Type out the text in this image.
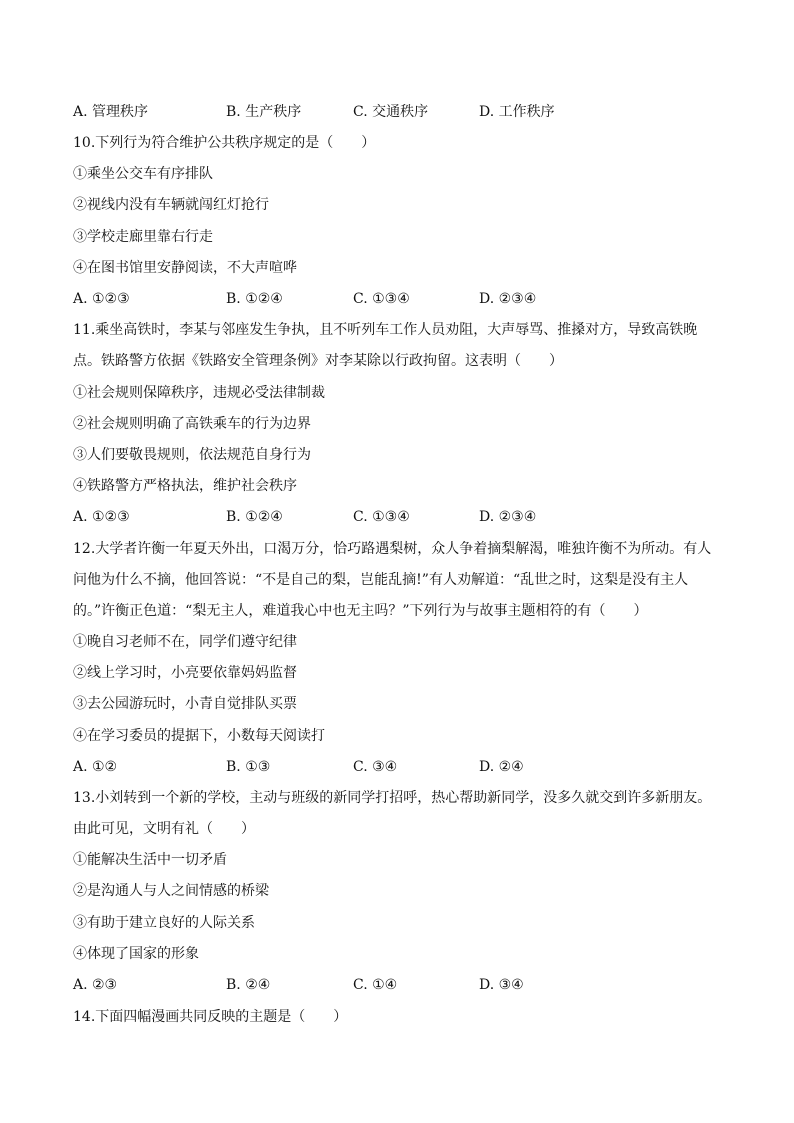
A. 管理秩序	B. 生产秩序	C. 交通秩序	D. 工作秩序
10.下列行为符合维护公共秩序规定的是（　　）
①乘坐公交车有序排队
②视线内没有车辆就闯红灯抢行
③学校走廊里靠右行走
④在图书馆里安静阅读，不大声喧哗
A. ①②③	B. ①②④	C. ①③④	D. ②③④
11.乘坐高铁时，李某与邻座发生争执，且不听列车工作人员劝阻，大声辱骂、推搡对方，导致高铁晚
点。铁路警方依据《铁路安全管理条例》对李某除以行政拘留。这表明（　　）
①社会规则保障秩序，违规必受法律制裁
②社会规则明确了高铁乘车的行为边界
③人们要敬畏规则，依法规范自身行为
④铁路警方严格执法，维护社会秩序
A. ①②③	B. ①②④	C. ①③④	D. ②③④
12.大学者许衡一年夏天外出，口渴万分，恰巧路遇梨树，众人争着摘梨解渴，唯独许衡不为所动。有人
问他为什么不摘，他回答说：“不是自己的梨，岂能乱摘!”有人劝解道：“乱世之时，这梨是没有主人
的。”许衡正色道：“梨无主人，难道我心中也无主吗？”下列行为与故事主题相符的有（　　）
①晚自习老师不在，同学们遵守纪律
②线上学习时，小亮要依靠妈妈监督
③去公园游玩时，小青自觉排队买票
④在学习委员的提据下，小数每天阅读打
A. ①②	B. ①③	C. ③④	D. ②④
13.小刘转到一个新的学校，主动与班级的新同学打招呼，热心帮助新同学，没多久就交到许多新朋友。
由此可见，文明有礼（　　）
①能解决生活中一切矛盾
②是沟通人与人之间情感的桥梁
③有助于建立良好的人际关系
④体现了国家的形象
A. ②③	B. ②④	C. ①④	D. ③④
14.下面四幅漫画共同反映的主题是（　　）
